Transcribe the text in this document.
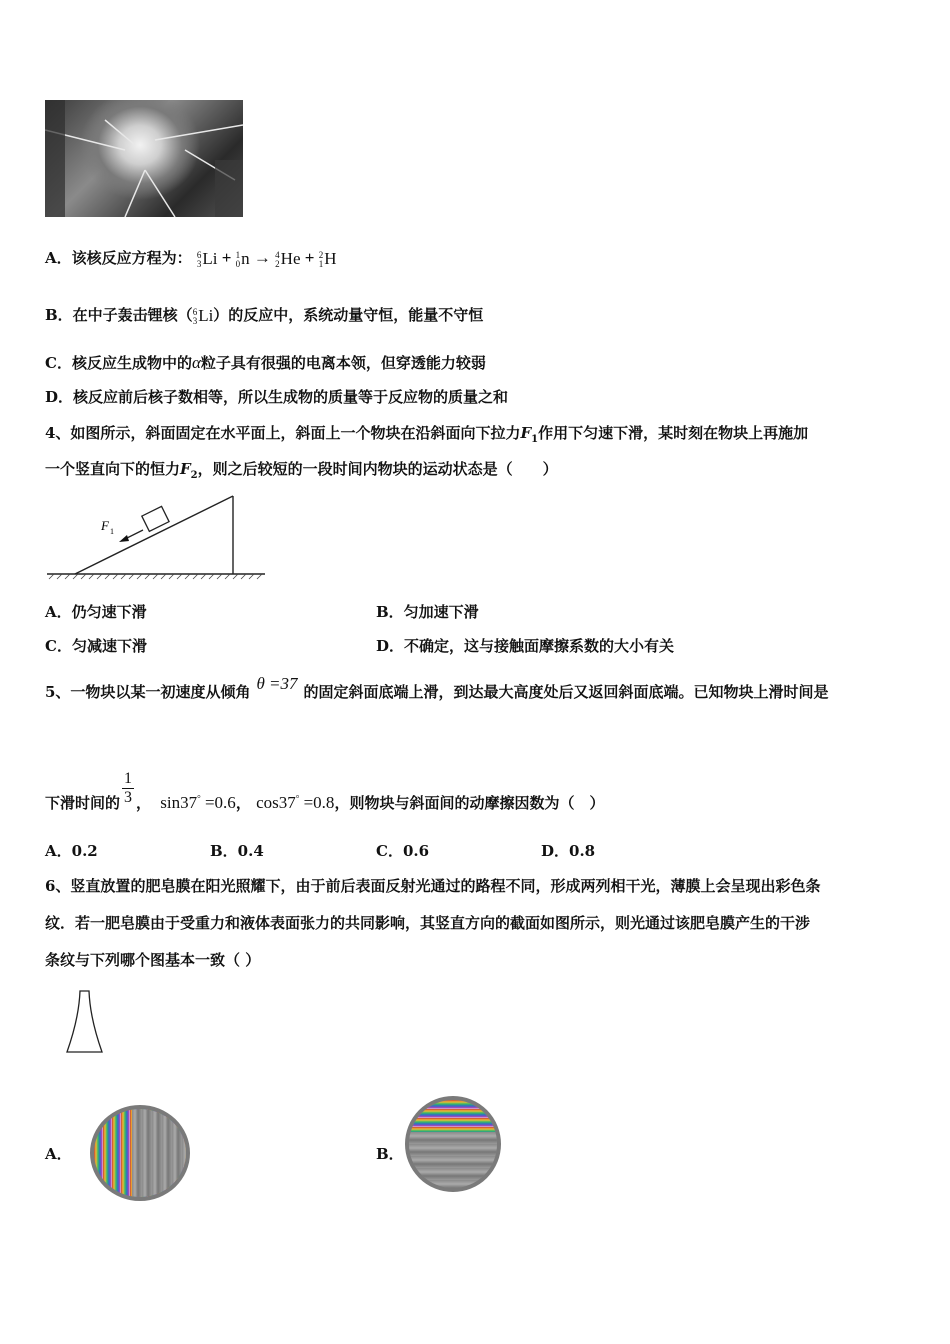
A．该核反应方程为： 6
3 Li + 1
0 n → 4
2 He + 2
1 H
B．在中子轰击锂核（ 6
3 Li）的反应中，系统动量守恒，能量不守恒
C．核反应生成物中的α粒子具有很强的电离本领，但穿透能力较弱
D．核反应前后核子数相等，所以生成物的质量等于反应物的质量之和
4、如图所示，斜面固定在水平面上，斜面上一个物块在沿斜面向下拉力$F_1$作用下匀速下滑，某时刻在物块上再施加
一个竖直向下的恒力$F_2$，则之后较短的一段时间内物块的运动状态是（　　）
F 1
A．仍匀速下滑	B．匀加速下滑
C．匀减速下滑	D．不确定，这与接触面摩擦系数的大小有关
5、一物块以某一初速度从倾角 θ =37 的固定斜面底端上滑，到达最大高度处后又返回斜面底端。已知物块上滑时间是
下滑时间的 $\frac{1}{3}$ ， sin37° =0.6， cos37° =0.8，则物块与斜面间的动摩擦因数为（　）
A．0.2	B．0.4	C．0.6	D．0.8
6、竖直放置的肥皂膜在阳光照耀下，由于前后表面反射光通过的路程不同，形成两列相干光，薄膜上会呈现出彩色条
纹．若一肥皂膜由于受重力和液体表面张力的共同影响，其竖直方向的截面如图所示，则光通过该肥皂膜产生的干涉
条纹与下列哪个图基本一致（ ）
A．	B．
